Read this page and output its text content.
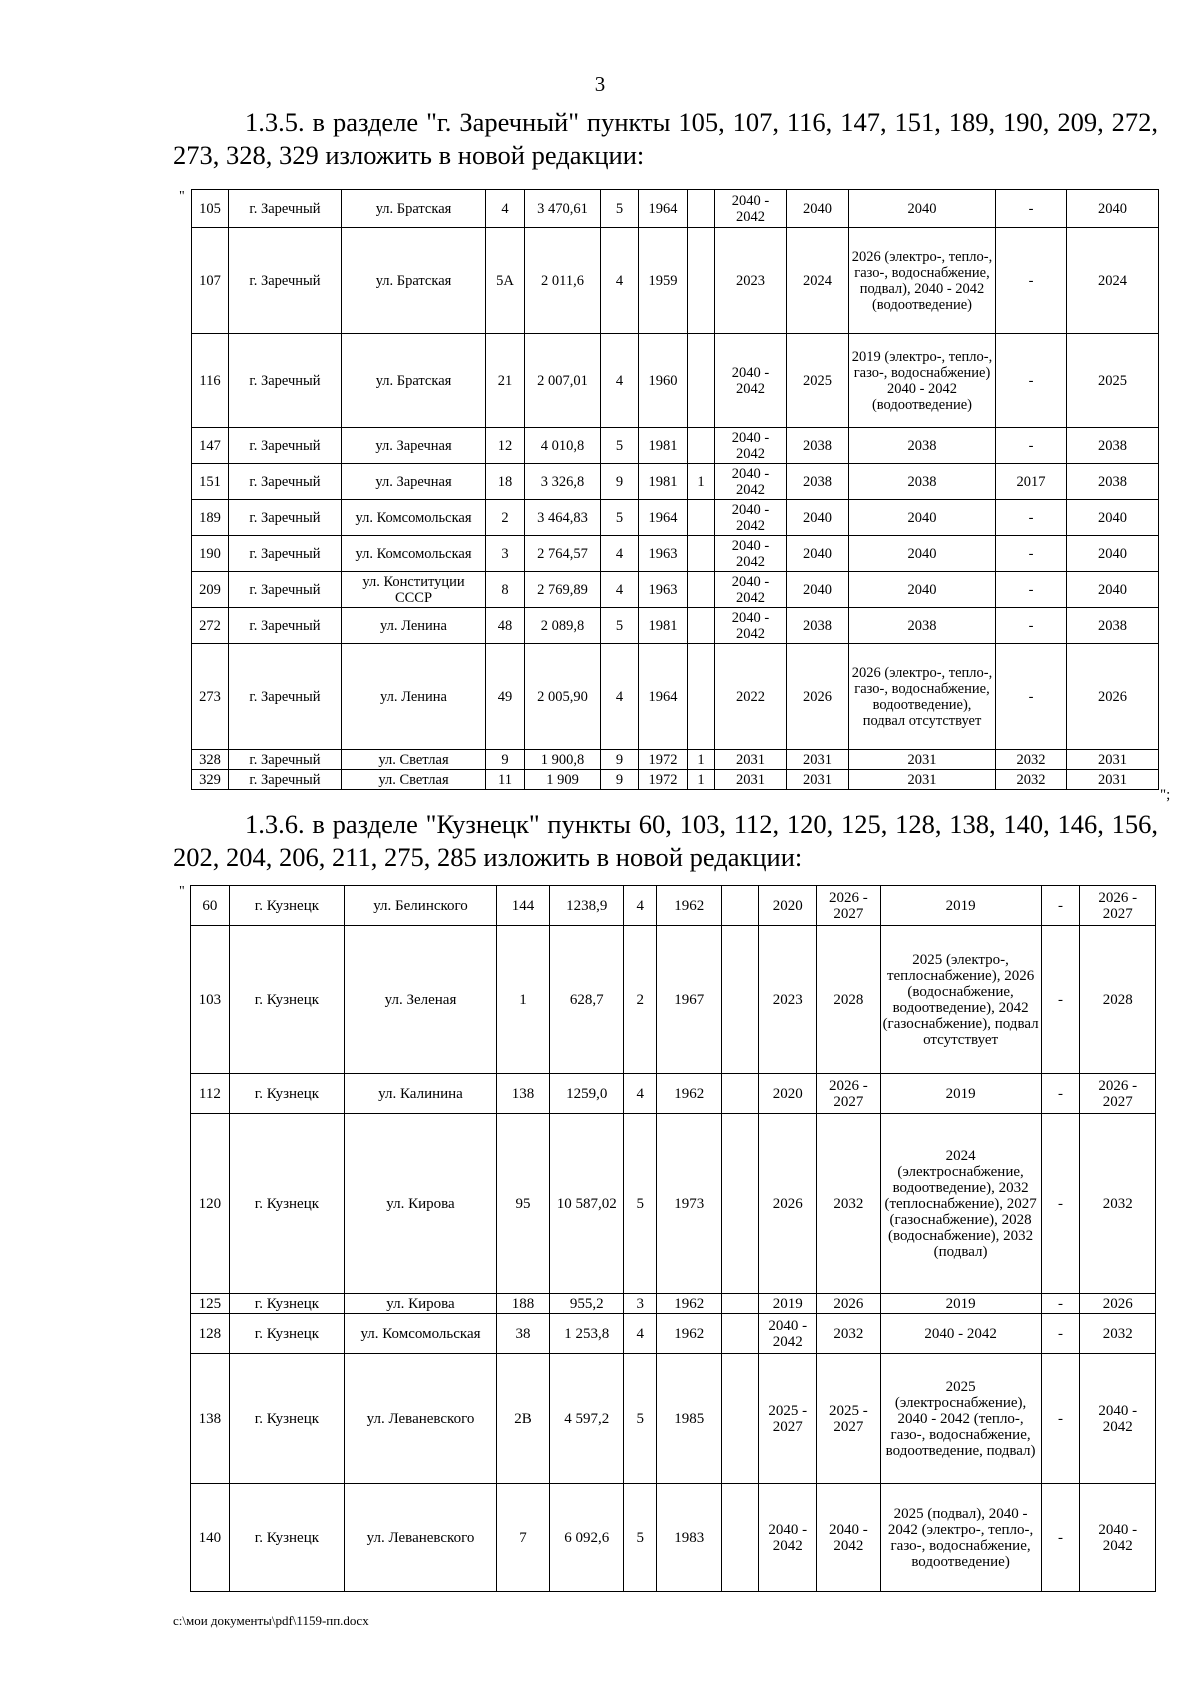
3
1.3.5. в разделе "г. Заречный" пункты 105, 107, 116, 147, 151, 189, 190, 209, 272, 273, 328, 329 изложить в новой редакции:
"
105	г. Заречный	ул. Братская	4	3 470,61	5	1964		2040 - 2042	2040	2040	-	2040
107	г. Заречный	ул. Братская	5А	2 011,6	4	1959		2023	2024	2026 (электро-, тепло-, газо-, водоснабжение, подвал), 2040 - 2042 (водоотведение)	-	2024
116	г. Заречный	ул. Братская	21	2 007,01	4	1960		2040 - 2042	2025	2019 (электро-, тепло-, газо-, водоснабжение) 2040 - 2042 (водоотведение)	-	2025
147	г. Заречный	ул. Заречная	12	4 010,8	5	1981		2040 - 2042	2038	2038	-	2038
151	г. Заречный	ул. Заречная	18	3 326,8	9	1981	1	2040 - 2042	2038	2038	2017	2038
189	г. Заречный	ул. Комсомольская	2	3 464,83	5	1964		2040 - 2042	2040	2040	-	2040
190	г. Заречный	ул. Комсомольская	3	2 764,57	4	1963		2040 - 2042	2040	2040	-	2040
209	г. Заречный	ул. Конституции СССР	8	2 769,89	4	1963		2040 - 2042	2040	2040	-	2040
272	г. Заречный	ул. Ленина	48	2 089,8	5	1981		2040 - 2042	2038	2038	-	2038
273	г. Заречный	ул. Ленина	49	2 005,90	4	1964		2022	2026	2026 (электро-, тепло-, газо-, водоснабжение, водоотведение), подвал отсутствует	-	2026
328	г. Заречный	ул. Светлая	9	1 900,8	9	1972	1	2031	2031	2031	2032	2031
329	г. Заречный	ул. Светлая	11	1 909	9	1972	1	2031	2031	2031	2032	2031
";
1.3.6. в разделе "Кузнецк" пункты 60, 103, 112, 120, 125, 128, 138, 140, 146, 156, 202, 204, 206, 211, 275, 285 изложить в новой редакции:
"
60	г. Кузнецк	ул. Белинского	144	1238,9	4	1962		2020	2026 - 2027	2019	-	2026 - 2027
103	г. Кузнецк	ул. Зеленая	1	628,7	2	1967		2023	2028	2025 (электро-, теплоснабжение), 2026 (водоснабжение, водоотведение), 2042 (газоснабжение), подвал отсутствует	-	2028
112	г. Кузнецк	ул. Калинина	138	1259,0	4	1962		2020	2026 - 2027	2019	-	2026 - 2027
120	г. Кузнецк	ул. Кирова	95	10 587,02	5	1973		2026	2032	2024 (электроснабжение, водоотведение), 2032 (теплоснабжение), 2027 (газоснабжение), 2028 (водоснабжение), 2032 (подвал)	-	2032
125	г. Кузнецк	ул. Кирова	188	955,2	3	1962		2019	2026	2019	-	2026
128	г. Кузнецк	ул. Комсомольская	38	1 253,8	4	1962		2040 - 2042	2032	2040 - 2042	-	2032
138	г. Кузнецк	ул. Леваневского	2В	4 597,2	5	1985		2025 - 2027	2025 - 2027	2025 (электроснабжение), 2040 - 2042 (тепло-, газо-, водоснабжение, водоотведение, подвал)	-	2040 - 2042
140	г. Кузнецк	ул. Леваневского	7	6 092,6	5	1983		2040 - 2042	2040 - 2042	2025 (подвал), 2040 - 2042 (электро-, тепло-, газо-, водоснабжение, водоотведение)	-	2040 - 2042
c:\мои документы\pdf\1159-пп.docx
